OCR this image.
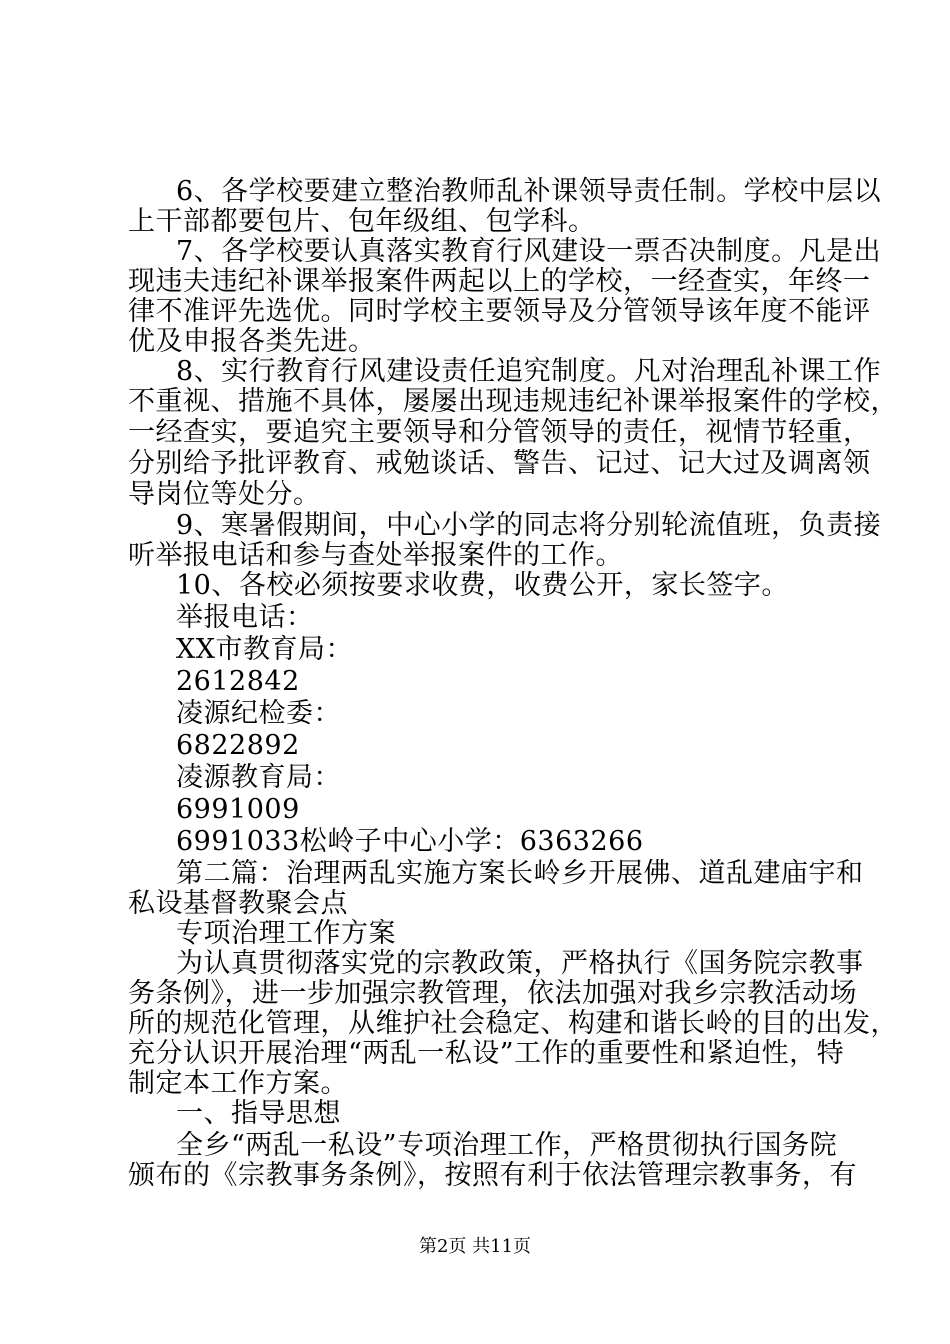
6、各学校要建立整治教师乱补课领导责任制。学校中层以
上干部都要包片、包年级组、包学科。
7、各学校要认真落实教育行风建设一票否决制度。凡是出
现违夫违纪补课举报案件两起以上的学校，一经查实，年终一
律不准评先选优。同时学校主要领导及分管领导该年度不能评
优及申报各类先进。
8、实行教育行风建设责任追究制度。凡对治理乱补课工作
不重视、措施不具体，屡屡出现违规违纪补课举报案件的学校，
一经查实，要追究主要领导和分管领导的责任，视情节轻重，
分别给予批评教育、戒勉谈话、警告、记过、记大过及调离领
导岗位等处分。
9、寒暑假期间，中心小学的同志将分别轮流值班，负责接
听举报电话和参与查处举报案件的工作。
10、各校必须按要求收费，收费公开，家长签字。
举报电话：
XX市教育局：
2612842
凌源纪检委：
6822892
凌源教育局：
6991009
6991033松岭子中心小学：6363266
第二篇：治理两乱实施方案长岭乡开展佛、道乱建庙宇和
私设基督教聚会点
专项治理工作方案
为认真贯彻落实党的宗教政策，严格执行《国务院宗教事
务条例》，进一步加强宗教管理，依法加强对我乡宗教活动场
所的规范化管理，从维护社会稳定、构建和谐长岭的目的出发，
充分认识开展治理“两乱一私设”工作的重要性和紧迫性，特
制定本工作方案。
一、指导思想
全乡“两乱一私设”专项治理工作，严格贯彻执行国务院
颁布的《宗教事务条例》，按照有利于依法管理宗教事务，有
第2页 共11页
